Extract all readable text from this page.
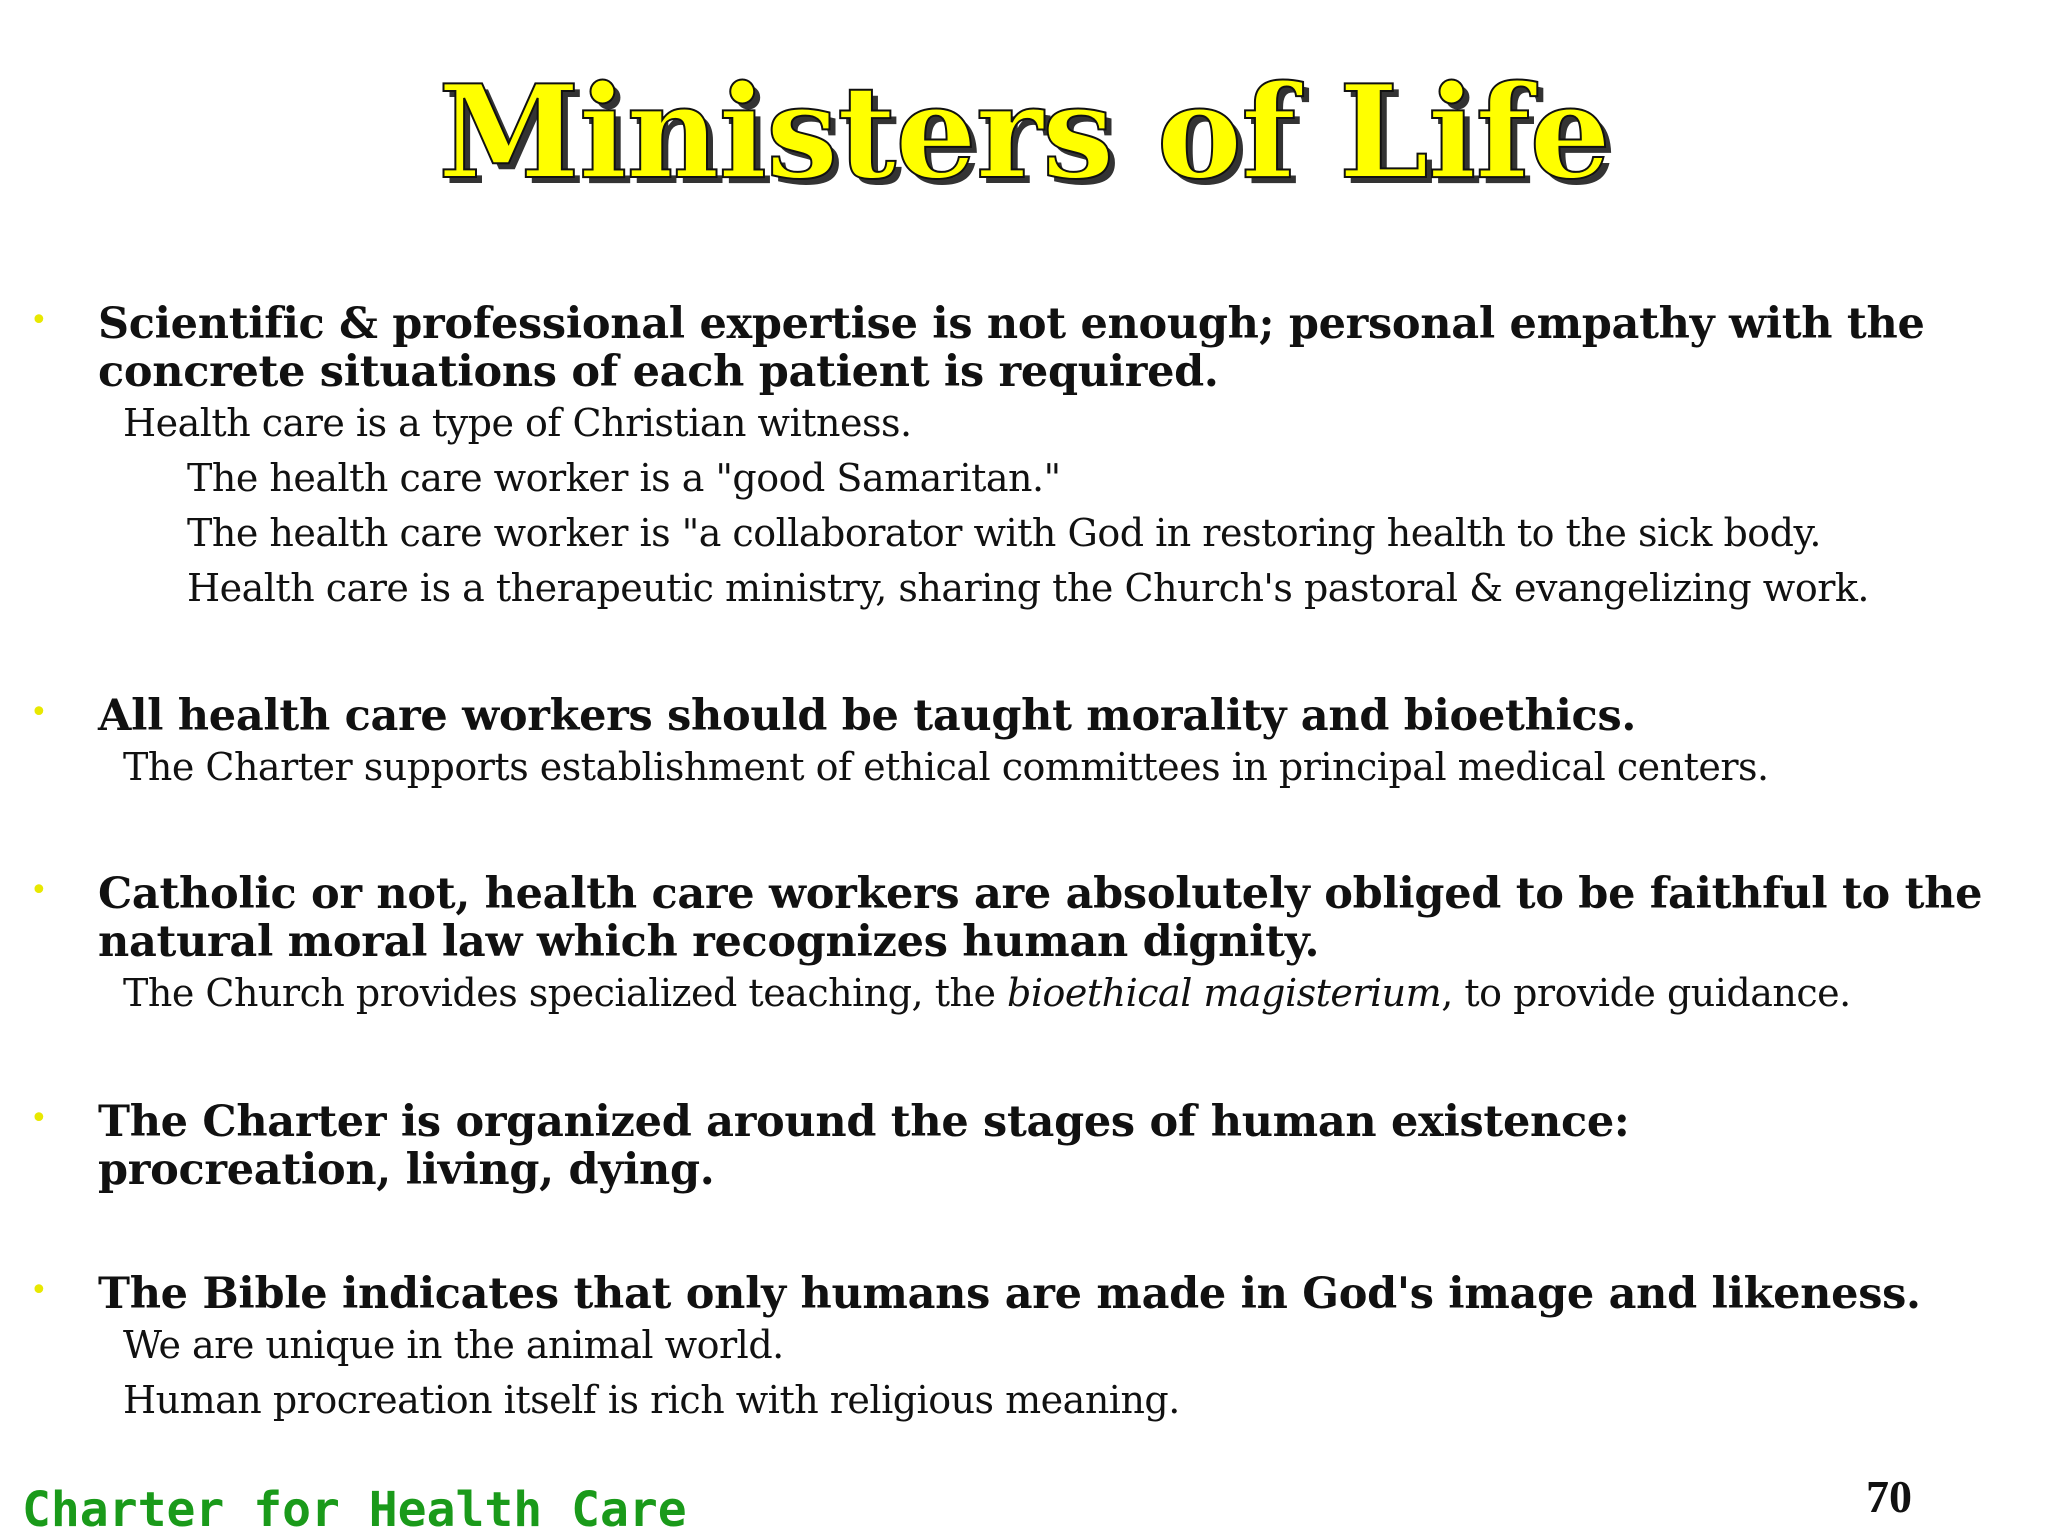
Ministers of Life
• Scientific & professional expertise is not enough; personal empathy with the
concrete situations of each patient is required.

Health care is a type of Christian witness.

The health care worker is a "good Samaritan."

The health care worker is "a collaborator with God in restoring health to the sick body.

Health care is a therapeutic ministry, sharing the Church's pastoral & evangelizing work.

• All health care workers should be taught morality and bioethics.

The Charter supports establishment of ethical committees in principal medical centers.

• Catholic or not, health care workers are absolutely obliged to be faithful to the
natural moral law which recognizes human dignity.

The Church provides specialized teaching, the bioethical magisterium, to provide guidance.

• The Charter is organized around the stages of human existence:
procreation, living, dying.

• The Bible indicates that only humans are made in God's image and likeness.

We are unique in the animal world.

Human procreation itself is rich with religious meaning.

Charter for Health Care	70
